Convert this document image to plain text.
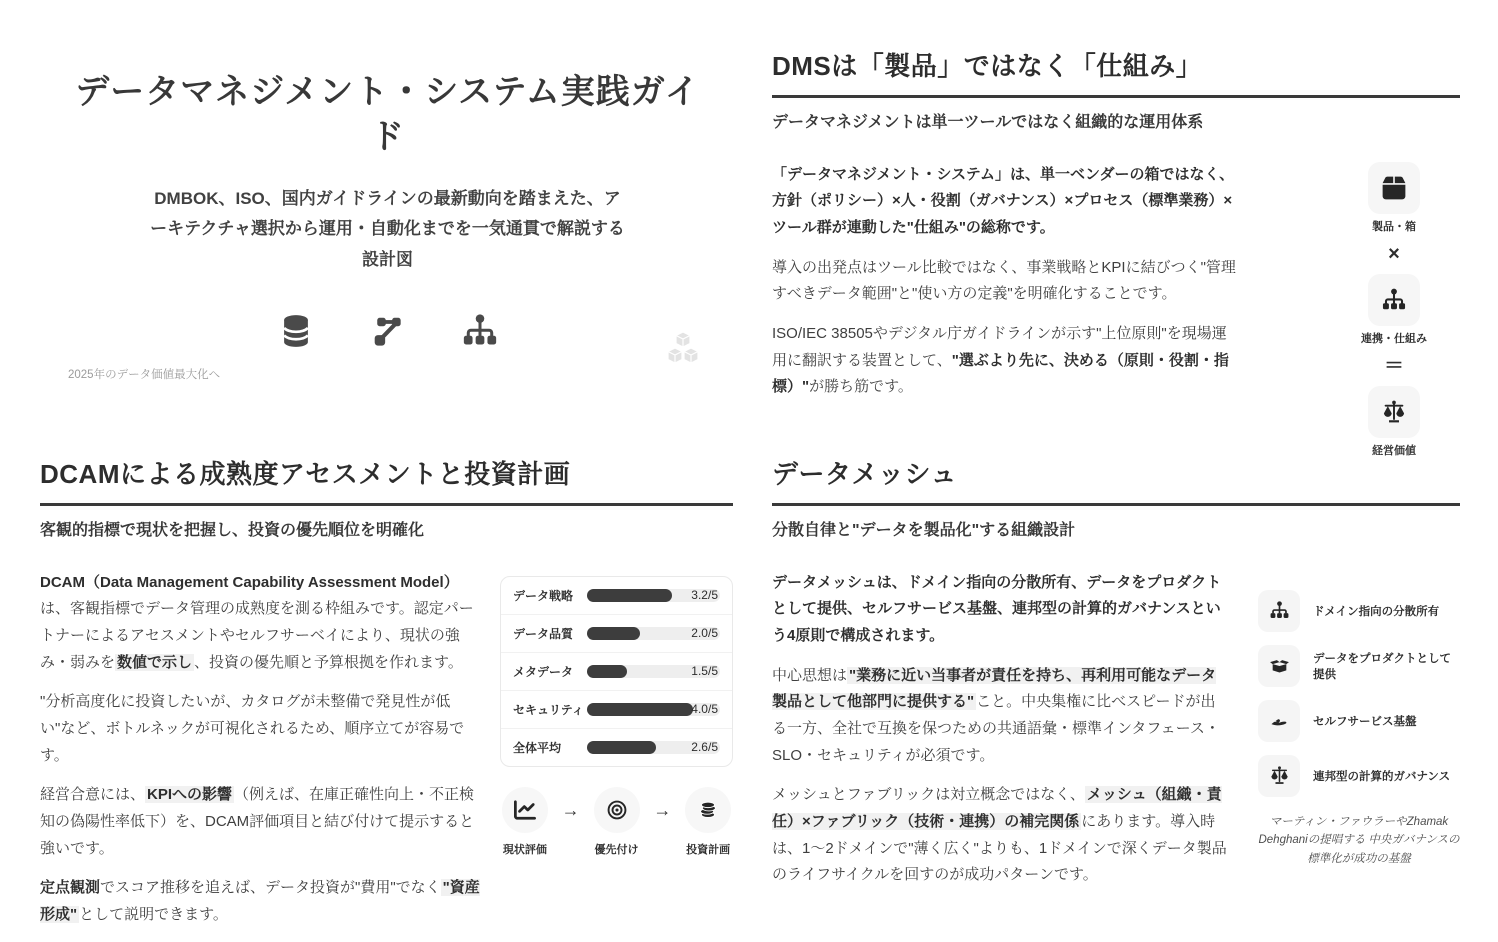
データマネジメント・システム実践ガイド

DMBOK、ISO、国内ガイドラインの最新動向を踏まえた、アーキテクチャ選択から運用・自動化までを一気通貫で解説する設計図

2025年のデータ価値最大化へ
DMSは「製品」ではなく「仕組み」

データマネジメントは単一ツールではなく組織的な運用体系

「データマネジメント・システム」は、単一ベンダーの箱ではなく、方針（ポリシー）×人・役割（ガバナンス）×プロセス（標準業務）×ツール群が連動した"仕組み"の総称です。

導入の出発点はツール比較ではなく、事業戦略とKPIに結びつく"管理すべきデータ範囲"と"使い方の定義"を明確化することです。

ISO/IEC 38505やデジタル庁ガイドラインが示す"上位原則"を現場運用に翻訳する装置として、"選ぶより先に、決める（原則・役割・指標）"が勝ち筋です。

製品・箱
×
連携・仕組み
＝
経営価値
DCAMによる成熟度アセスメントと投資計画

客観的指標で現状を把握し、投資の優先順位を明確化

DCAM（Data Management Capability Assessment Model）は、客観指標でデータ管理の成熟度を測る枠組みです。認定パートナーによるアセスメントやセルフサーベイにより、現状の強み・弱みを 数値で示し 、投資の優先順と予算根拠を作れます。

"分析高度化に投資したいが、カタログが未整備で発見性が低い"など、ボトルネックが可視化されるため、順序立てが容易です。

経営合意には、 KPIへの影響 （例えば、在庫正確性向上・不正検知の偽陽性率低下）を、DCAM評価項目と結び付けて提示すると強いです。

定点観測でスコア推移を追えば、データ投資が"費用"でなく "資産形成" として説明できます。

データ戦略	3.2/5
データ品質	2.0/5
メタデータ	1.5/5
セキュリティ	4.0/5
全体平均	2.6/5
現状評価
→
優先付け
→
投資計画
データメッシュ

分散自律と"データを製品化"する組織設計

データメッシュは、ドメイン指向の分散所有、データをプロダクトとして提供、セルフサービス基盤、連邦型の計算的ガバナンスという4原則で構成されます。

中心思想は "業務に近い当事者が責任を持ち、再利用可能なデータ製品として他部門に提供する" こと。中央集権に比べスピードが出る一方、全社で互換を保つための共通語彙・標準インタフェース・SLO・セキュリティが必須です。

メッシュとファブリックは対立概念ではなく、 メッシュ（組織・責任）×ファブリック（技術・連携）の補完関係 にあります。導入時は、1〜2ドメインで"薄く広く"よりも、1ドメインで深くデータ製品のライフサイクルを回すのが成功パターンです。

ドメイン指向の分散所有
データをプロダクトとして提供
セルフサービス基盤
連邦型の計算的ガバナンス
マーティン・ファウラーやZhamak Dehghaniの提唱する 中央ガバナンスの標準化が成功の基盤
